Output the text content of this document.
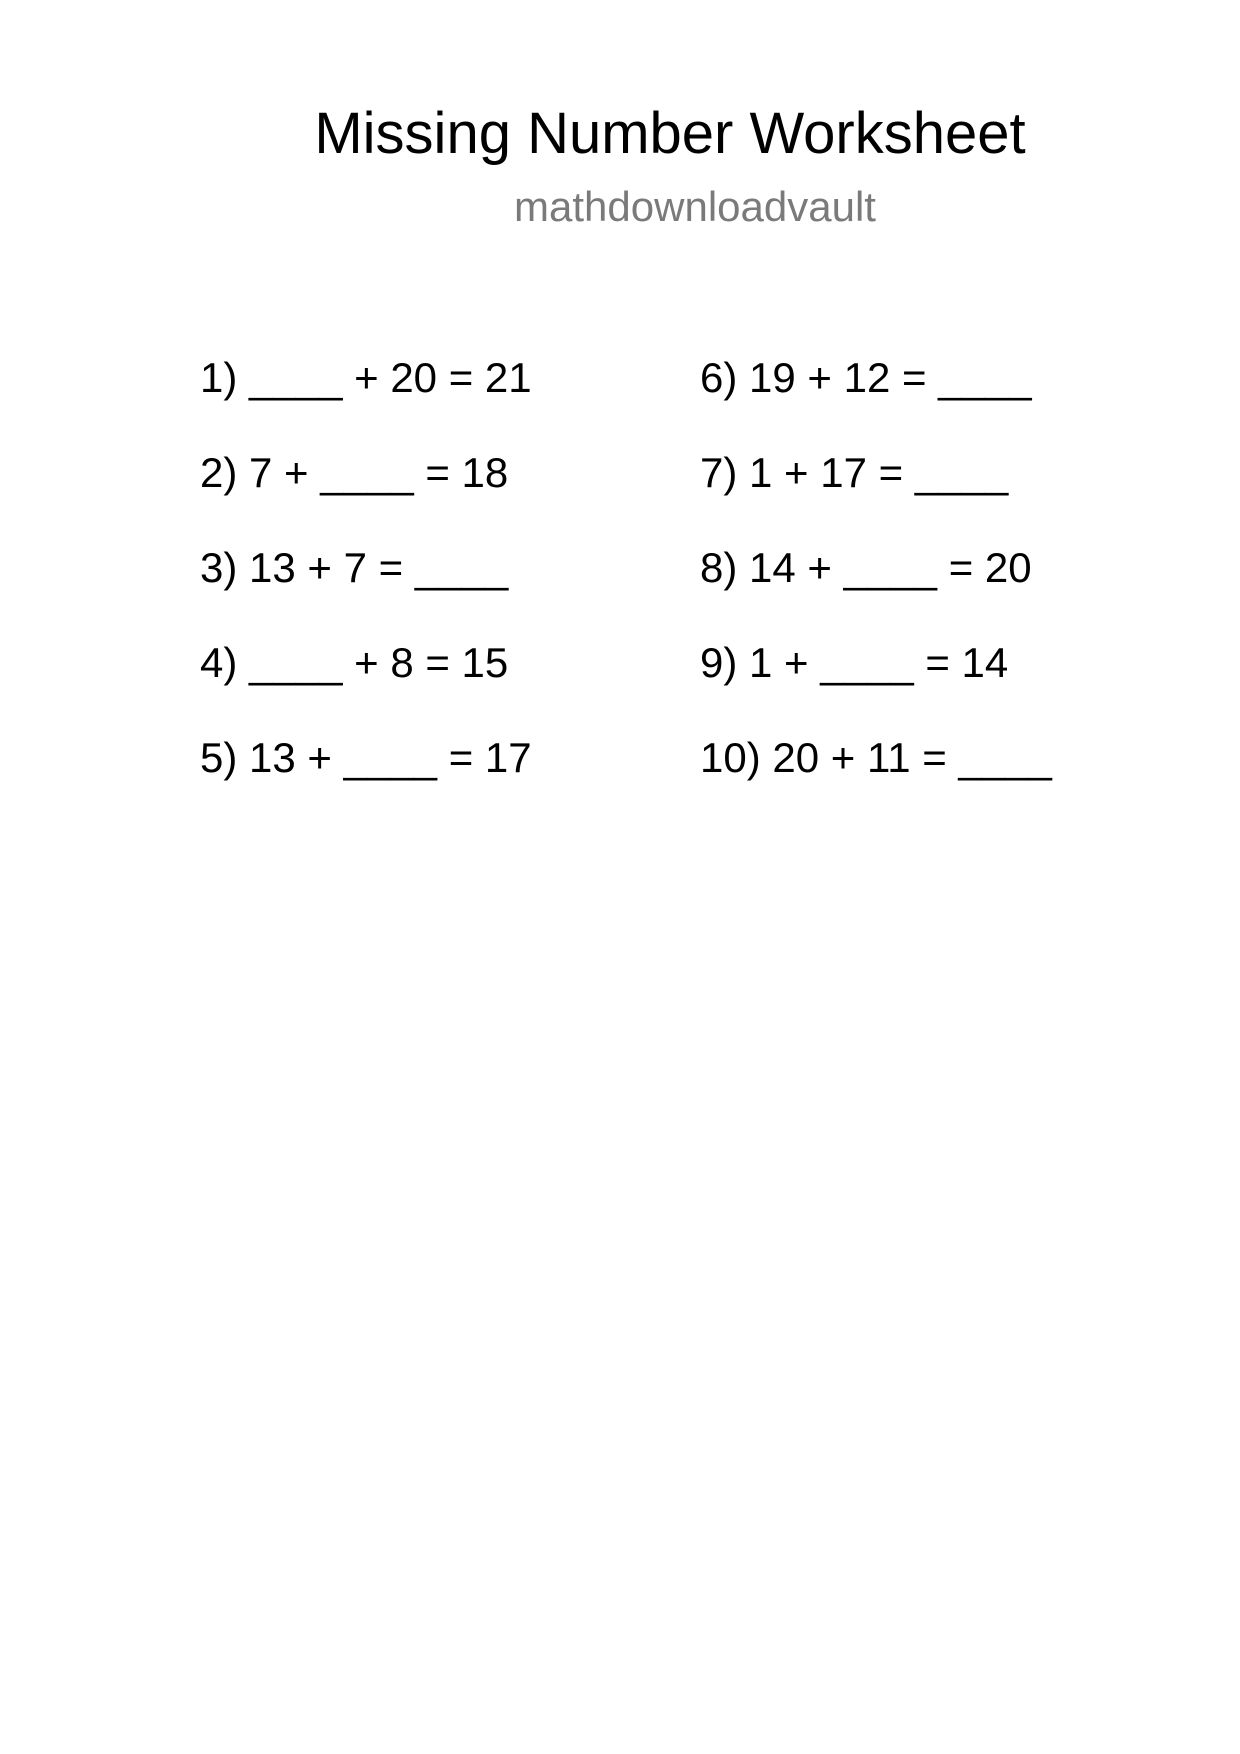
Missing Number Worksheet
mathdownloadvault
1) ____ + 20 = 21
2) 7 + ____ = 18
3) 13 + 7 = ____
4) ____ + 8 = 15
5) 13 + ____ = 17
6) 19 + 12 = ____
7) 1 + 17 = ____
8) 14 + ____ = 20
9) 1 + ____ = 14
10) 20 + 11 = ____
